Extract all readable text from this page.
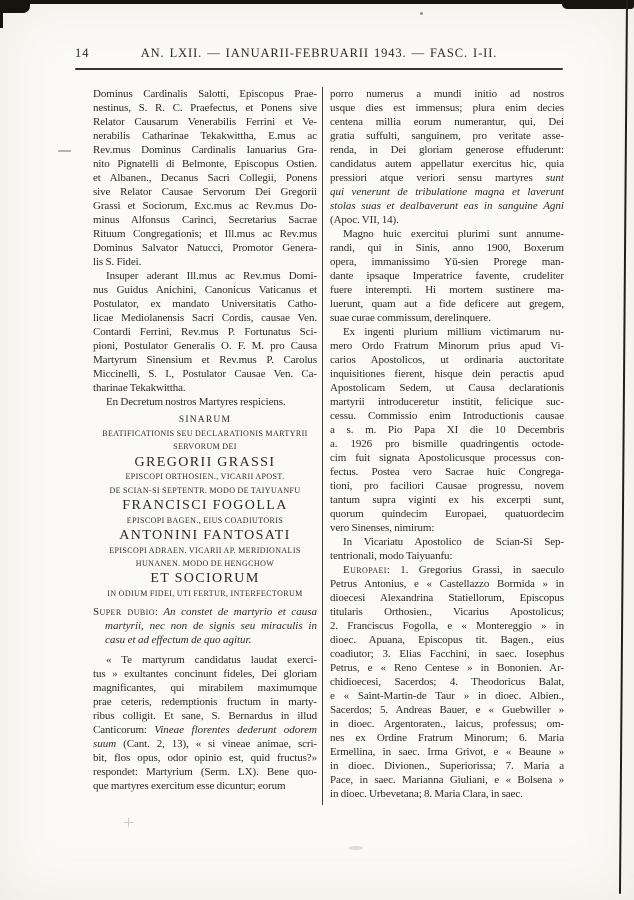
14	AN. LXII. — IANUARII-FEBRUARII 1943. — FASC. I-II.
Dominus Cardinalis Salotti, Episcopus Prae-
nestinus, S. R. C. Praefectus, et Ponens sive
Relator Causarum Venerabilis Ferrini et Ve-
nerabilis Catharinae Tekakwittha, E.mus ac
Rev.mus Dominus Cardinalis Ianuarius Gra-
nito Pignatelli di Belmonte, Episcopus Ostien.
et Albanen., Decanus Sacri Collegii, Ponens
sive Relator Causae Servorum Dei Gregorii
Grassi et Sociorum, Exc.mus ac Rev.mus Do-
minus Alfonsus Carinci, Secretarius Sacrae
Rituum Congregationis; et Ill.mus ac Rev.mus
Dominus Salvator Natucci, Promotor Genera-
lis S. Fidei.
Insuper aderant Ill.mus ac Rev.mus Domi-
nus Guidus Anichini, Canonicus Vaticanus et
Postulator, ex mandato Universitatis Catho-
licae Mediolanensis Sacri Cordis, causae Ven.
Contardi Ferrini, Rev.mus P. Fortunatus Sci-
pioni, Postulator Generalis O. F. M. pro Causa
Martyrum Sinensium et Rev.mus P. Carolus
Miccinelli, S. I., Postulator Causae Ven. Ca-
tharinae Tekakwittha.
En Decretum nostros Martyres respiciens.
SINARUM
BEATIFICATIONIS SEU DECLARATIONIS MARTYRII
SERVORUM DEI
GREGORII GRASSI
EPISCOPI ORTHOSIEN., VICARII APOST.
DE SCIAN-SI SEPTENTR. MODO DE TAIYUANFU
FRANCISCI FOGOLLA
EPISCOPI BAGEN., EIUS COADIUTORIS
ANTONINI FANTOSATI
EPISCOPI ADRAEN. VICARII AP. MERIDIONALIS
HUNANEN. MODO DE HENGCHOW
ET SOCIORUM
IN ODIUM FIDEI, UTI FERTUR, INTERFECTORUM
Super dubio: An constet de martyrio et causa
martyrii, nec non de signis seu miraculis in
casu et ad effectum de quo agitur.
« Te martyrum candidatus laudat exerci-
tus » exultantes concinunt fideles, Dei gloriam
magnificantes, qui mirabilem maximumque
prae ceteris, redemptionis fructum in marty-
ribus colligit. Et sane, S. Bernardus in illud
Canticorum: Vineae florentes dederunt odorem
suum (Cant. 2, 13), « si vineae animae, scri-
bit, flos opus, odor opinio est, quid fructus?»
respondet: Martyrium (Serm. LX). Bene quo-
que martyres exercitum esse dicuntur; eorum
porro numerus a mundi initio ad nostros
usque dies est immensus; plura enim decies
centena millia eorum numerantur, qui, Dei
gratia suffulti, sanguinem, pro veritate asse-
renda, in Dei gloriam generose effuderunt:
candidatus autem appellatur exercitus hic, quia
pressiori atque veriori sensu martyres sunt
qui venerunt de tribulatione magna et laverunt
stolas suas et dealbaverunt eas in sanguine Agni
(Apoc. VII, 14).
Magno huic exercitui plurimi sunt annume-
randi, qui in Sinis, anno 1900, Boxerum
opera, immanissimo Yū-sien Prorege man-
dante ipsaque Imperatrice favente, crudeliter
fuere interempti. Hi mortem sustinere ma-
luerunt, quam aut a fide deficere aut gregem,
suae curae commissum, derelinquere.
Ex ingenti plurium millium victimarum nu-
mero Ordo Fratrum Minorum prius apud Vi-
carios Apostolicos, ut ordinaria auctoritate
inquisitiones fierent, hisque dein peractis apud
Apostolicam Sedem, ut Causa declarationis
martyrii introduceretur institit, felicique suc-
cessu. Commissio enim Introductionis causae
a s. m. Pio Papa XI die 10 Decembris
a. 1926 pro bismille quadringentis octode-
cim fuit signata Apostolicusque processus con-
fectus. Postea vero Sacrae huic Congrega-
tioni, pro faciliori Causae progressu, novem
tantum supra viginti ex his excerpti sunt,
quorum quindecim Europaei, quatuordecim
vero Sinenses, nimirum:
In Vicariatu Apostolico de Scian-Si Sep-
tentrionali, modo Taiyuanfu:
Europaei: 1. Gregorius Grassi, in saeculo
Petrus Antonius, e « Castellazzo Bormida » in
dioecesi Alexandrina Statiellorum, Episcopus
titularis Orthosien., Vicarius Apostolicus;
2. Franciscus Fogolla, e « Montereggio » in
dioec. Apuana, Episcopus tit. Bagen., eius
coadiutor; 3. Elias Facchini, in saec. Iosephus
Petrus, e « Reno Centese » in Bononien. Ar-
chidioecesi, Sacerdos; 4. Theodoricus Balat,
e « Saint-Martin-de Taur » in dioec. Albien.,
Sacerdos; 5. Andreas Bauer, e « Guebwiller »
in dioec. Argentoraten., laicus, professus; om-
nes ex Ordine Fratrum Minorum; 6. Maria
Ermellina, in saec. Irma Grivot, e « Beaune »
in dioec. Divionen., Superiorissa; 7. Maria a
Pace, in saec. Marianna Giuliani, e « Bolsena »
in dioec. Urbevetana; 8. Maria Clara, in saec.
